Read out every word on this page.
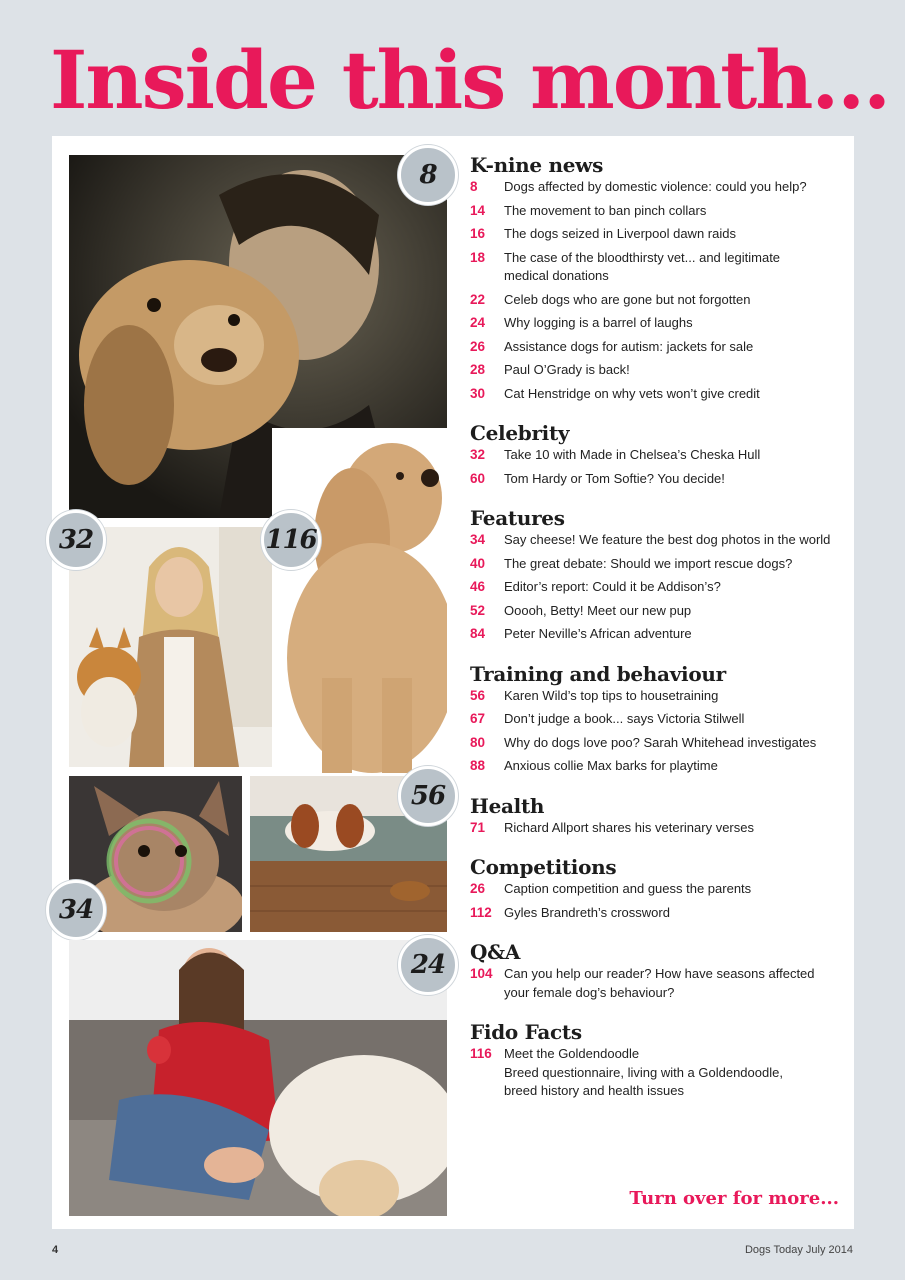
Inside this month...
8
32	116
34
56
24
K-nine news
8	Dogs affected by domestic violence: could you help?
14	The movement to ban pinch collars
16	The dogs seized in Liverpool dawn raids
18	The case of the bloodthirsty vet... and legitimate
medical donations
22	Celeb dogs who are gone but not forgotten
24	Why logging is a barrel of laughs
26	Assistance dogs for autism: jackets for sale
28	Paul O’Grady is back!
30	Cat Henstridge on why vets won’t give credit
Celebrity
32	Take 10 with Made in Chelsea’s Cheska Hull
60	Tom Hardy or Tom Softie? You decide!
Features
34	Say cheese! We feature the best dog photos in the world
40	The great debate: Should we import rescue dogs?
46	Editor’s report: Could it be Addison’s?
52	Ooooh, Betty! Meet our new pup
84	Peter Neville’s African adventure
Training and behaviour
56	Karen Wild’s top tips to housetraining
67	Don’t judge a book... says Victoria Stilwell
80	Why do dogs love poo? Sarah Whitehead investigates
88	Anxious collie Max barks for playtime
Health
71	Richard Allport shares his veterinary verses
Competitions
26	Caption competition and guess the parents
112 Gyles Brandreth’s crossword
Q&A
104 Can you help our reader? How have seasons affected
your female dog’s behaviour?
Fido Facts
116 Meet the Goldendoodle
Breed questionnaire, living with a Goldendoodle,
breed history and health issues
Turn over for more...
4	Dogs Today July 2014
